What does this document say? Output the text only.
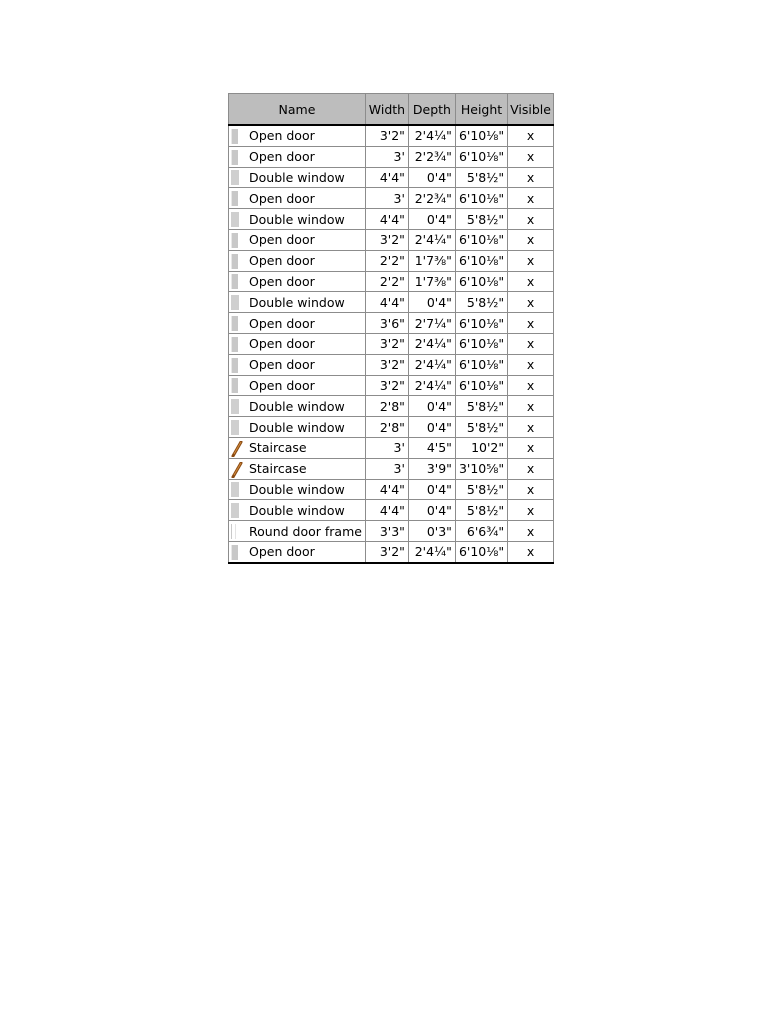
Name		Width	Depth	Height	Visible

	Open door	3'2"	2'4¼"	6'10⅛"	x

	Open door	3'	2'2¾"	6'10⅛"	x

	Double window	4'4"	0'4"	5'8½"	x

	Open door	3'	2'2¾"	6'10⅛"	x

	Double window	4'4"	0'4"	5'8½"	x

	Open door	3'2"	2'4¼"	6'10⅛"	x

	Open door	2'2"	1'7⅜"	6'10⅛"	x

	Open door	2'2"	1'7⅜"	6'10⅛"	x

	Double window	4'4"	0'4"	5'8½"	x

	Open door	3'6"	2'7¼"	6'10⅛"	x

	Open door	3'2"	2'4¼"	6'10⅛"	x

	Open door	3'2"	2'4¼"	6'10⅛"	x

	Open door	3'2"	2'4¼"	6'10⅛"	x

	Double window	2'8"	0'4"	5'8½"	x

	Double window	2'8"	0'4"	5'8½"	x

	Staircase	3'	4'5"	10'2"	x

	Staircase	3'	3'9"	3'10⅝"	x

	Double window	4'4"	0'4"	5'8½"	x

	Double window	4'4"	0'4"	5'8½"	x

	Round door frame	3'3"	0'3"	6'6¾"	x

	Open door	3'2"	2'4¼"	6'10⅛"	x
